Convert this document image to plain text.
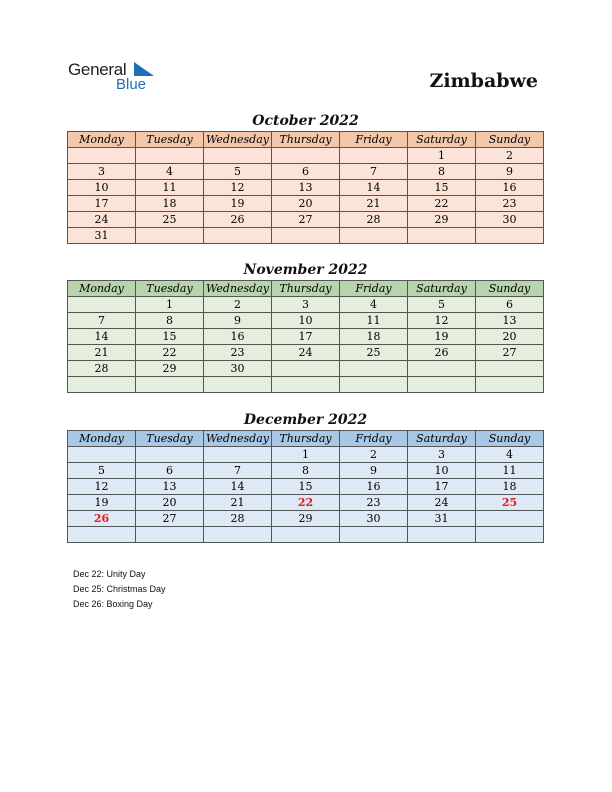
General
Blue	Zimbabwe
October 2022
Monday	Tuesday	Wednesday	Thursday	Friday	Saturday	Sunday
					1	2
3	4	5	6	7	8	9
10	11	12	13	14	15	16
17	18	19	20	21	22	23
24	25	26	27	28	29	30
31						
November 2022
Monday	Tuesday	Wednesday	Thursday	Friday	Saturday	Sunday
	1	2	3	4	5	6
7	8	9	10	11	12	13
14	15	16	17	18	19	20
21	22	23	24	25	26	27
28	29	30				

December 2022
Monday	Tuesday	Wednesday	Thursday	Friday	Saturday	Sunday
			1	2	3	4
5	6	7	8	9	10	11
12	13	14	15	16	17	18
19	20	21	22	23	24	25
26	27	28	29	30	31	

Dec 22: Unity Day
Dec 25: Christmas Day
Dec 26: Boxing Day
